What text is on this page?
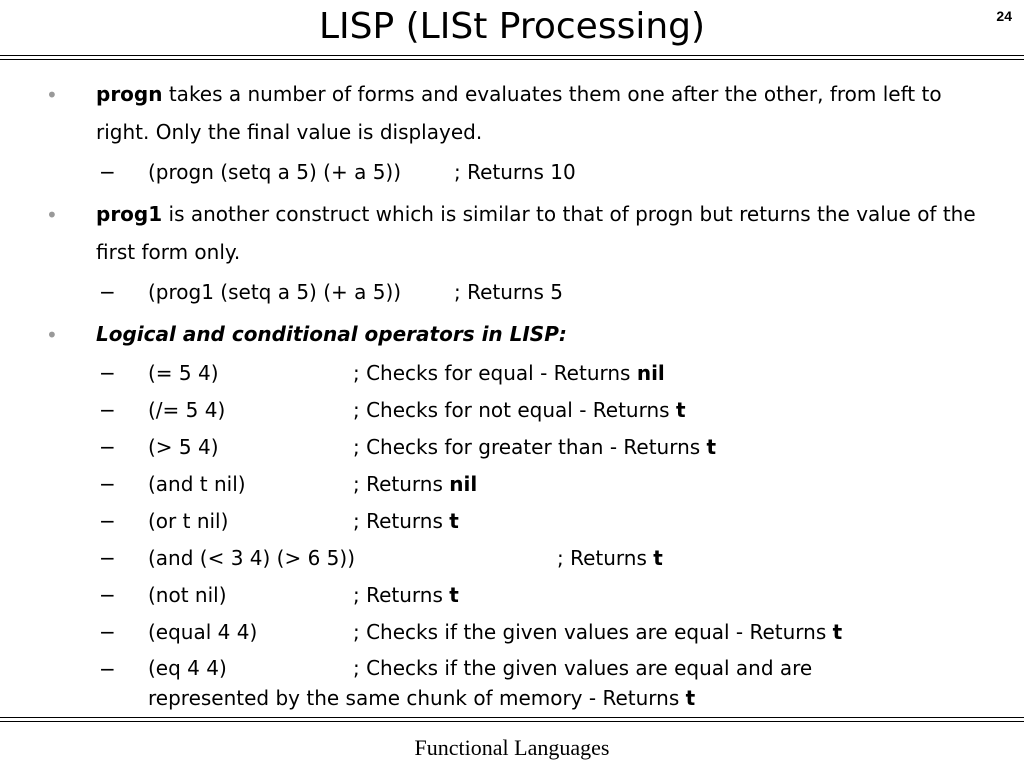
LISP (LISt Processing)	24
• progn takes a number of forms and evaluates them one after the other, from left to right. Only the final value is displayed.
− (progn (setq a 5) (+ a 5))	; Returns 10
• prog1 is another construct which is similar to that of progn but returns the value of the first form only.
− (prog1 (setq a 5) (+ a 5))	; Returns 5
• Logical and conditional operators in LISP:
− (= 5 4)	; Checks for equal - Returns nil
− (/= 5 4)	; Checks for not equal - Returns t
− (> 5 4)	; Checks for greater than - Returns t
− (and t nil)	; Returns nil
− (or t nil)	; Returns t
− (and (< 3 4) (> 6 5))	; Returns t
− (not nil)	; Returns t
− (equal 4 4)	; Checks if the given values are equal - Returns t
− (eq 4 4)	; Checks if the given values are equal and are represented by the same chunk of memory - Returns t
Functional Languages
